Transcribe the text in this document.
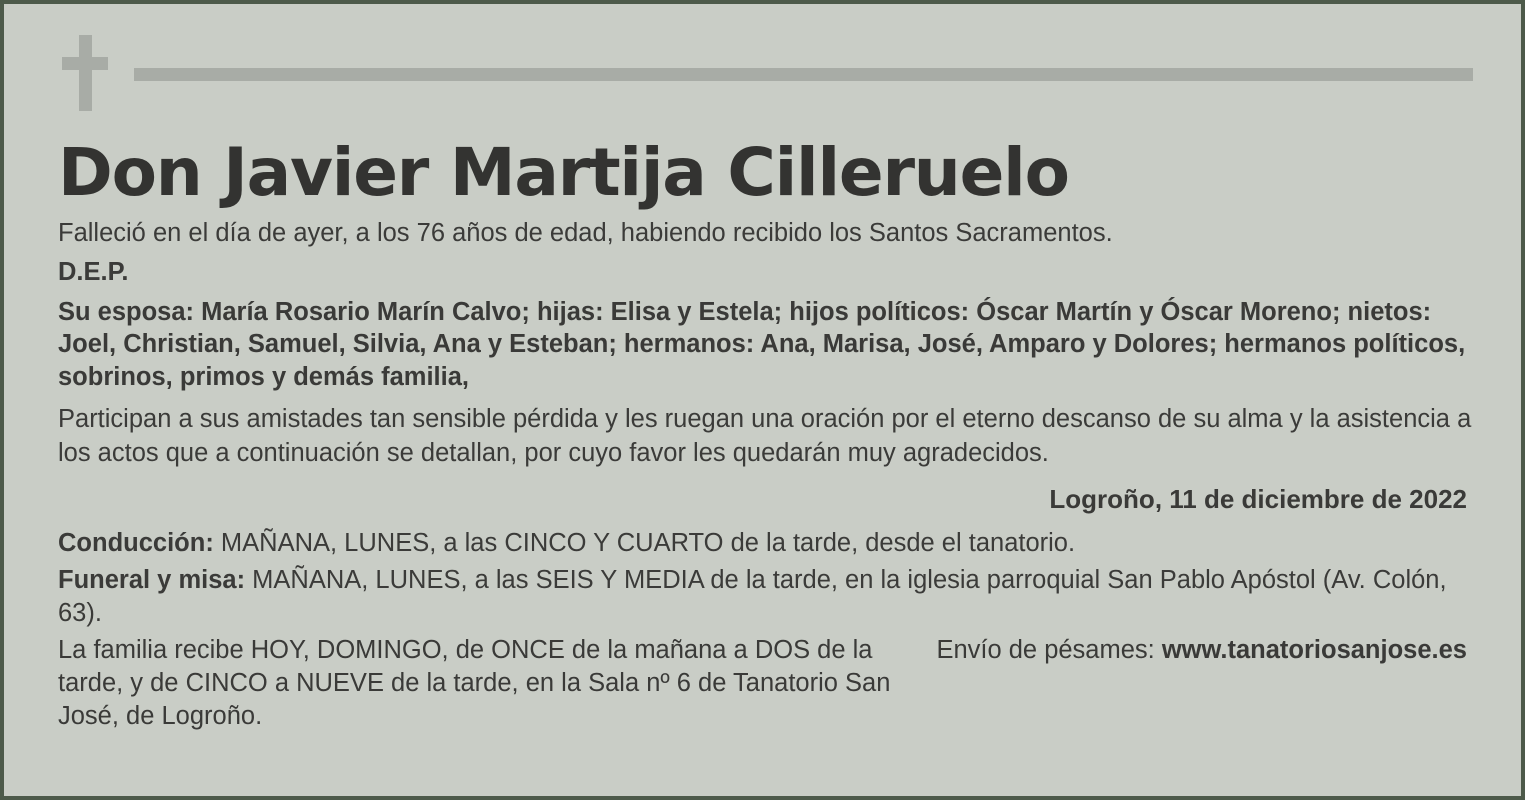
Don Javier Martija Cilleruelo

Falleció en el día de ayer, a los 76 años de edad, habiendo recibido los Santos Sacramentos.

D.E.P.

Su esposa: María Rosario Marín Calvo; hijas: Elisa y Estela; hijos políticos: Óscar Martín y Óscar Moreno; nietos: Joel, Christian, Samuel, Silvia, Ana y Esteban; hermanos: Ana, Marisa, José, Amparo y Dolores; hermanos políticos, sobrinos, primos y demás familia,

Participan a sus amistades tan sensible pérdida y les ruegan una oración por el eterno descanso de su alma y la asistencia a los actos que a continuación se detallan, por cuyo favor les quedarán muy agradecidos.

Logroño, 11 de diciembre de 2022

Conducción: MAÑANA, LUNES, a las CINCO Y CUARTO de la tarde, desde el tanatorio.

Funeral y misa: MAÑANA, LUNES, a las SEIS Y MEDIA de la tarde, en la iglesia parroquial San Pablo Apóstol (Av. Colón, 63).

La familia recibe HOY, DOMINGO, de ONCE de la mañana a DOS de la tarde, y de CINCO a NUEVE de la tarde, en la Sala nº 6 de Tanatorio San José, de Logroño.
Envío de pésames: www.tanatoriosanjose.es
